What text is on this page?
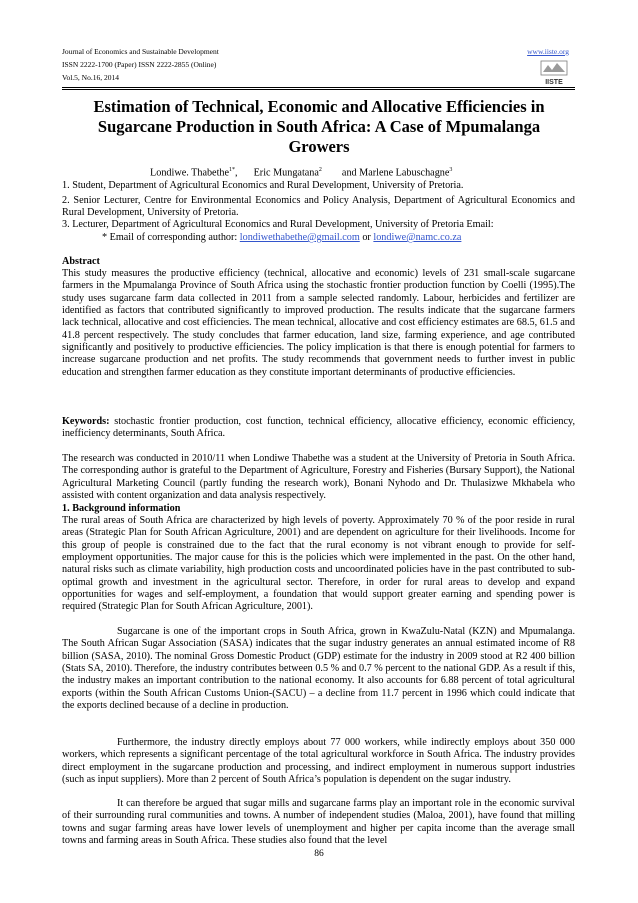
Journal of Economics and Sustainable Development
ISSN 2222-1700 (Paper) ISSN 2222-2855 (Online)
Vol.5, No.16, 2014
www.iiste.org
IISTE
Estimation of Technical, Economic and Allocative Efficiencies in Sugarcane Production in South Africa: A Case of Mpumalanga Growers
Londiwe. Thabethe$^{1*}$, Eric Mungatana$^2$ and Marlene Labuschagne$^3$
1. Student, Department of Agricultural Economics and Rural Development, University of Pretoria.
2. Senior Lecturer, Centre for Environmental Economics and Policy Analysis, Department of Agricultural Economics and Rural Development, University of Pretoria.
3. Lecturer, Department of Agricultural Economics and Rural Development, University of Pretoria Email:
* Email of corresponding author: londiwethabethe@gmail.com or londiwe@namc.co.za
Abstract
This study measures the productive efficiency (technical, allocative and economic) levels of 231 small-scale sugarcane farmers in the Mpumalanga Province of South Africa using the stochastic frontier production function by Coelli (1995).The study uses sugarcane farm data collected in 2011 from a sample selected randomly. Labour, herbicides and fertilizer are identified as factors that contributed significantly to improved production. The results indicate that the sugarcane farmers lack technical, allocative and cost efficiencies. The mean technical, allocative and cost efficiency estimates are 68.5, 61.5 and 41.8 percent respectively. The study concludes that farmer education, land size, farming experience, and age contributed significantly and positively to productive efficiencies. The policy implication is that there is enough potential for farmers to increase sugarcane production and net profits. The study recommends that government needs to further invest in public education and strengthen farmer education as they constitute important determinants of productive efficiencies.
Keywords: stochastic frontier production, cost function, technical efficiency, allocative efficiency, economic efficiency, inefficiency determinants, South Africa.
The research was conducted in 2010/11 when Londiwe Thabethe was a student at the University of Pretoria in South Africa. The corresponding author is grateful to the Department of Agriculture, Forestry and Fisheries (Bursary Support), the National Agricultural Marketing Council (partly funding the research work), Bonani Nyhodo and Dr. Thulasizwe Mkhabela who assisted with content organization and data analysis respectively.
1. Background information
The rural areas of South Africa are characterized by high levels of poverty. Approximately 70 % of the poor reside in rural areas (Strategic Plan for South African Agriculture, 2001) and are dependent on agriculture for their livelihoods. Income for this group of people is constrained due to the fact that the rural economy is not vibrant enough to provide for self-employment opportunities. The major cause for this is the policies which were implemented in the past. On the other hand, natural risks such as climate variability, high production costs and uncoordinated policies have in the past contributed to sub-optimal growth and investment in the agricultural sector. Therefore, in order for rural areas to develop and expand opportunities for wages and self-employment, a foundation that would support greater earning and spending power is required (Strategic Plan for South African Agriculture, 2001).
Sugarcane is one of the important crops in South Africa, grown in KwaZulu-Natal (KZN) and Mpumalanga. The South African Sugar Association (SASA) indicates that the sugar industry generates an annual estimated income of R8 billion (SASA, 2010). The nominal Gross Domestic Product (GDP) estimate for the industry in 2009 stood at R2 400 billion (Stats SA, 2010). Therefore, the industry contributes between 0.5 % and 0.7 % percent to the national GDP. As a result if this, the industry makes an important contribution to the national economy. It also accounts for 6.88 percent of total agricultural exports (within the South African Customs Union-(SACU) – a decline from 11.7 percent in 1996 which could indicate that the exports declined because of a decline in production.
Furthermore, the industry directly employs about 77 000 workers, while indirectly employs about 350 000 workers, which represents a significant percentage of the total agricultural workforce in South Africa. The industry provides direct employment in the sugarcane production and processing, and indirect employment in numerous support industries (such as input suppliers). More than 2 percent of South Africa’s population is dependent on the sugar industry.
It can therefore be argued that sugar mills and sugarcane farms play an important role in the economic survival of their surrounding rural communities and towns. A number of independent studies (Maloa, 2001), have found that milling towns and sugar farming areas have lower levels of unemployment and higher per capita income than the average small towns and farming areas in South Africa. These studies also found that the level
86
